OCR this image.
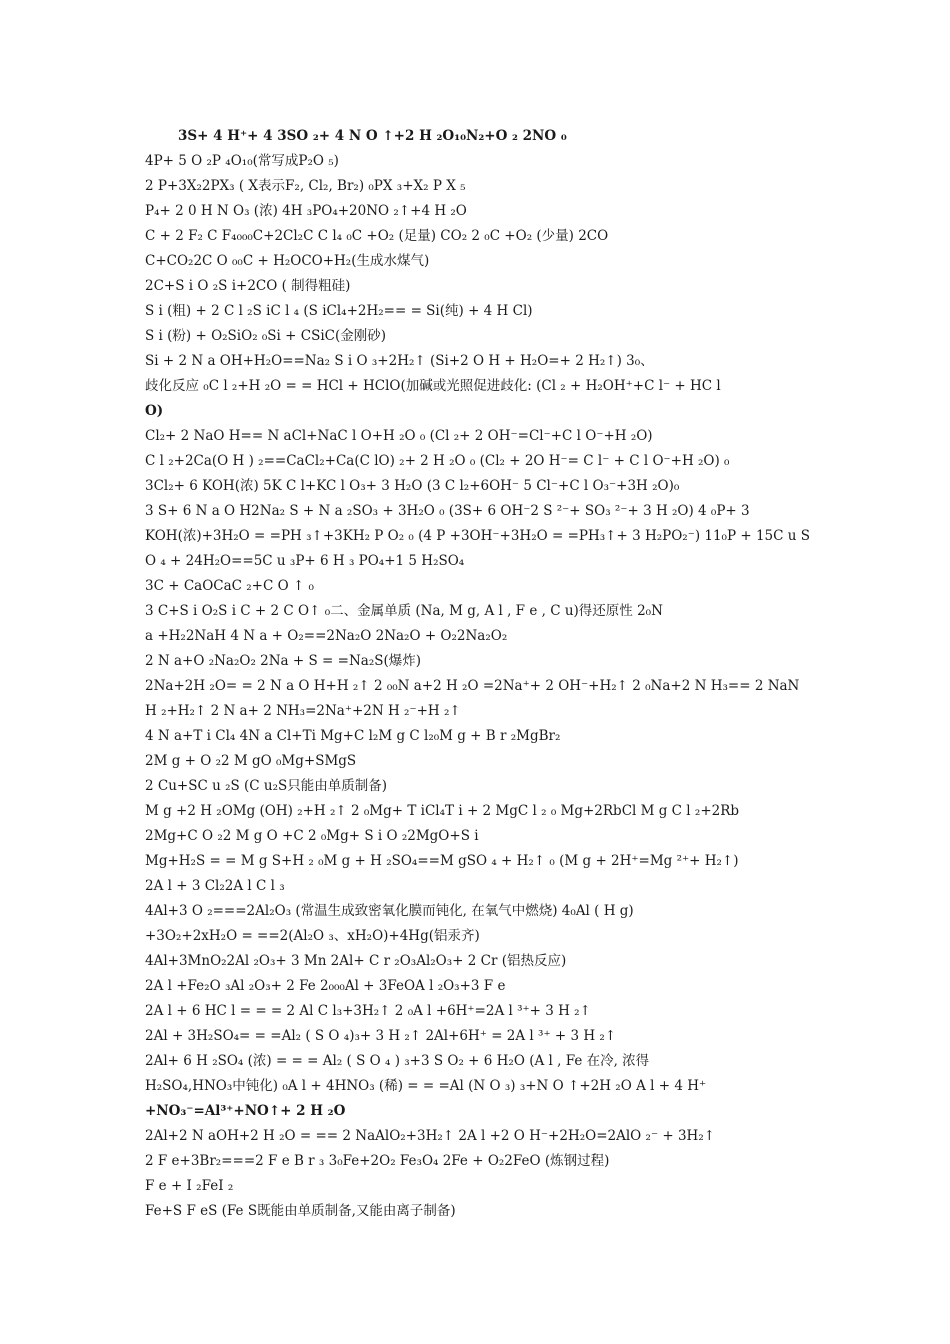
3S+ 4 H⁺+ 4 3SO ₂+ 4 N O ↑+2 H ₂O₁₀N₂+O ₂ 2NO ₀
4P+ 5 O ₂P ₄O₁₀(常写成P₂O ₅)
2 P+3X₂2PX₃ ( X表示F₂, Cl₂, Br₂) ₀PX ₃+X₂ P X ₅
P₄+ 2 0 H N O₃ (浓) 4H ₃PO₄+20NO ₂↑+4 H ₂O
C + 2 F₂ C F₄₀₀₀C+2Cl₂C C l₄ ₀C +O₂ (足量) CO₂ 2 ₀C +O₂ (少量) 2CO
C+CO₂2C O ₀₀C + H₂OCO+H₂(生成水煤气)
2C+S i O ₂S i+2CO ( 制得粗硅)
S i (粗) + 2 C l ₂S iC l ₄ (S iCl₄+2H₂== = Si(纯) + 4 H Cl)
S i (粉) + O₂SiO₂ ₀Si + CSiC(金刚砂)
Si + 2 N a OH+H₂O==Na₂ S i O ₃+2H₂↑ (Si+2 O H + H₂O=+ 2 H₂↑) 3₀、
歧化反应 ₀C l ₂+H ₂O = = HCl + HClO(加碱或光照促进歧化: (Cl ₂ + H₂OH⁺+C l⁻ + HC l
O)
Cl₂+ 2 NaO H== N aCl+NaC l O+H ₂O ₀ (Cl ₂+ 2 OH⁻=Cl⁻+C l O⁻+H ₂O)
C l ₂+2Ca(O H ) ₂==CaCl₂+Ca(C lO) ₂+ 2 H ₂O ₀ (Cl₂ + 2O H⁻= C l⁻ + C l O⁻+H ₂O) ₀
3Cl₂+ 6 KOH(浓) 5K C l+KC l O₃+ 3 H₂O (3 C l₂+6OH⁻ 5 Cl⁻+C l O₃⁻+3H ₂O)₀
3 S+ 6 N a O H2Na₂ S + N a ₂SO₃ + 3H₂O ₀ (3S+ 6 OH⁻2 S ²⁻+ SO₃ ²⁻+ 3 H ₂O) 4 ₀P+ 3
KOH(浓)+3H₂O = =PH ₃↑+3KH₂ P O₂ ₀ (4 P +3OH⁻+3H₂O = =PH₃↑+ 3 H₂PO₂⁻) 11₀P + 15C u S
O ₄ + 24H₂O==5C u ₃P+ 6 H ₃ PO₄+1 5 H₂SO₄
3C + CaOCaC ₂+C O ↑ ₀
3 C+S i O₂S i C + 2 C O↑ ₀二、金属单质 (Na, M g, A l , F e , C u)得还原性 2₀N
a +H₂2NaH 4 N a + O₂==2Na₂O 2Na₂O + O₂2Na₂O₂
2 N a+O ₂Na₂O₂ 2Na + S = =Na₂S(爆炸)
2Na+2H ₂O= = 2 N a O H+H ₂↑ 2 ₀₀N a+2 H ₂O =2Na⁺+ 2 OH⁻+H₂↑ 2 ₀Na+2 N H₃== 2 NaN
H ₂+H₂↑ 2 N a+ 2 NH₃=2Na⁺+2N H ₂⁻+H ₂↑
4 N a+T i Cl₄ 4N a Cl+Ti Mg+C l₂M g C l₂₀M g + B r ₂MgBr₂
2M g + O ₂2 M gO ₀Mg+SMgS
2 Cu+SC u ₂S (C u₂S只能由单质制备)
M g +2 H ₂OMg (OH) ₂+H ₂↑ 2 ₀Mg+ T iCl₄T i + 2 MgC l ₂ ₀ Mg+2RbCl M g C l ₂+2Rb
2Mg+C O ₂2 M g O +C 2 ₀Mg+ S i O ₂2MgO+S i
Mg+H₂S = = M g S+H ₂ ₀M g + H ₂SO₄==M gSO ₄ + H₂↑ ₀ (M g + 2H⁺=Mg ²⁺+ H₂↑)
2A l + 3 Cl₂2A l C l ₃
4Al+3 O ₂===2Al₂O₃ (常温生成致密氧化膜而钝化, 在氧气中燃烧) 4₀Al ( H g)
+3O₂+2xH₂O = ==2(Al₂O ₃、xH₂O)+4Hg(铝汞齐)
4Al+3MnO₂2Al ₂O₃+ 3 Mn 2Al+ C r ₂O₃Al₂O₃+ 2 Cr (铝热反应)
2A l +Fe₂O ₃Al ₂O₃+ 2 Fe 2₀₀₀Al + 3FeOA l ₂O₃+3 F e
2A l + 6 HC l = = = 2 Al C l₃+3H₂↑ 2 ₀A l +6H⁺=2A l ³⁺+ 3 H ₂↑
2Al + 3H₂SO₄= = =Al₂ ( S O ₄)₃+ 3 H ₂↑ 2Al+6H⁺ = 2A l ³⁺ + 3 H ₂↑
2Al+ 6 H ₂SO₄ (浓) = = = Al₂ ( S O ₄ ) ₃+3 S O₂ + 6 H₂O (A l , Fe 在冷, 浓得
H₂SO₄,HNO₃中钝化) ₀A l + 4HNO₃ (稀) = = =Al (N O ₃) ₃+N O ↑+2H ₂O A l + 4 H⁺
+NO₃⁻=Al³⁺+NO↑+ 2 H ₂O
2Al+2 N aOH+2 H ₂O = == 2 NaAlO₂+3H₂↑ 2A l +2 O H⁻+2H₂O=2AlO ₂⁻ + 3H₂↑
2 F e+3Br₂===2 F e B r ₃ 3₀Fe+2O₂ Fe₃O₄ 2Fe + O₂2FeO (炼钢过程)
F e + I ₂FeI ₂
Fe+S F eS (Fe S既能由单质制备,又能由离子制备)
